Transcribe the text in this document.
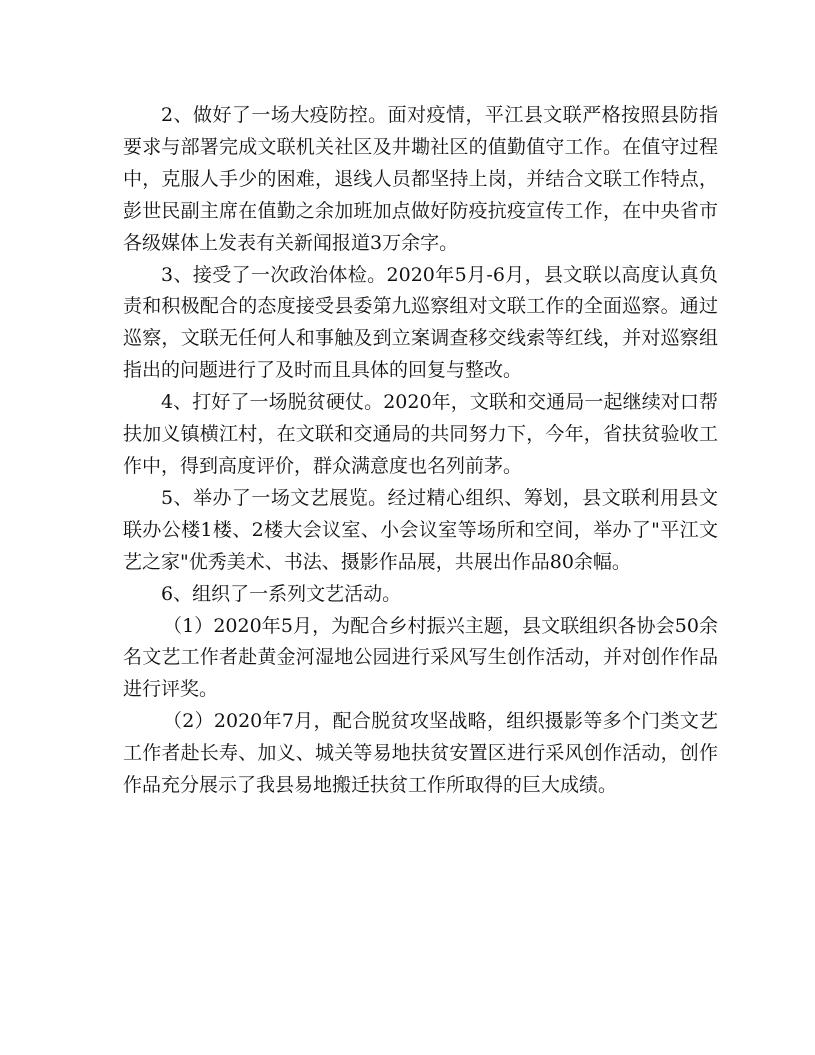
2、做好了一场大疫防控。面对疫情，平江县文联严格按照县防指要求与部署完成文联机关社区及井墈社区的值勤值守工作。在值守过程中，克服人手少的困难，退线人员都坚持上岗，并结合文联工作特点，彭世民副主席在值勤之余加班加点做好防疫抗疫宣传工作，在中央省市各级媒体上发表有关新闻报道3万余字。

3、接受了一次政治体检。2020年5月-6月，县文联以高度认真负责和积极配合的态度接受县委第九巡察组对文联工作的全面巡察。通过巡察，文联无任何人和事触及到立案调查移交线索等红线，并对巡察组指出的问题进行了及时而且具体的回复与整改。

4、打好了一场脱贫硬仗。2020年，文联和交通局一起继续对口帮扶加义镇横江村，在文联和交通局的共同努力下，今年，省扶贫验收工作中，得到高度评价，群众满意度也名列前茅。

5、举办了一场文艺展览。经过精心组织、筹划，县文联利用县文联办公楼1楼、2楼大会议室、小会议室等场所和空间，举办了"平江文艺之家"优秀美术、书法、摄影作品展，共展出作品80余幅。

6、组织了一系列文艺活动。

（1）2020年5月，为配合乡村振兴主题，县文联组织各协会50余名文艺工作者赴黄金河湿地公园进行采风写生创作活动，并对创作作品进行评奖。

（2）2020年7月，配合脱贫攻坚战略，组织摄影等多个门类文艺工作者赴长寿、加义、城关等易地扶贫安置区进行采风创作活动，创作作品充分展示了我县易地搬迁扶贫工作所取得的巨大成绩。
